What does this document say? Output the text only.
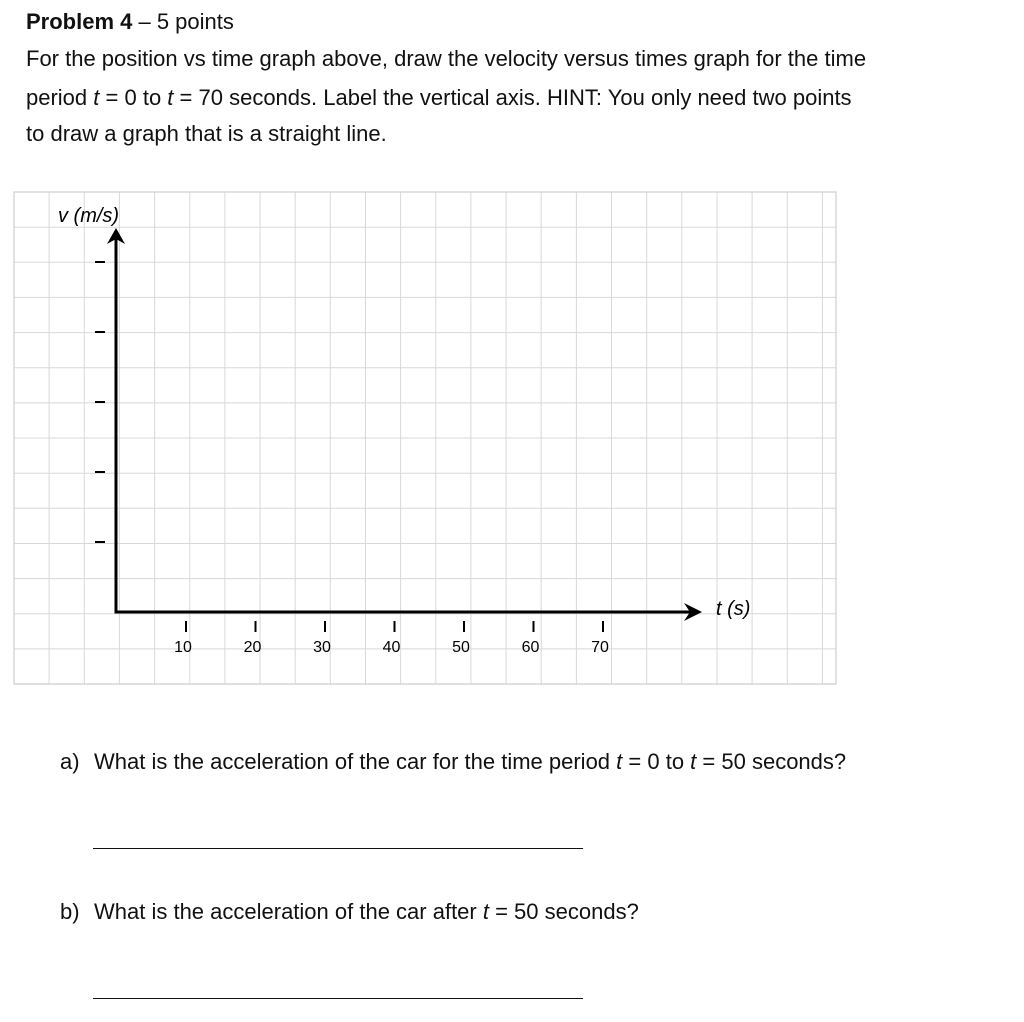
Problem 4 – 5 points
For the position vs time graph above, draw the velocity versus times graph for the time
period t = 0 to t = 70 seconds. Label the vertical axis. HINT: You only need two points
to draw a graph that is a straight line.
10	20	30	40	50	60	70
v (m/s)
t (s)
a) What is the acceleration of the car for the time period t = 0 to t = 50 seconds?
b) What is the acceleration of the car after t = 50 seconds?
